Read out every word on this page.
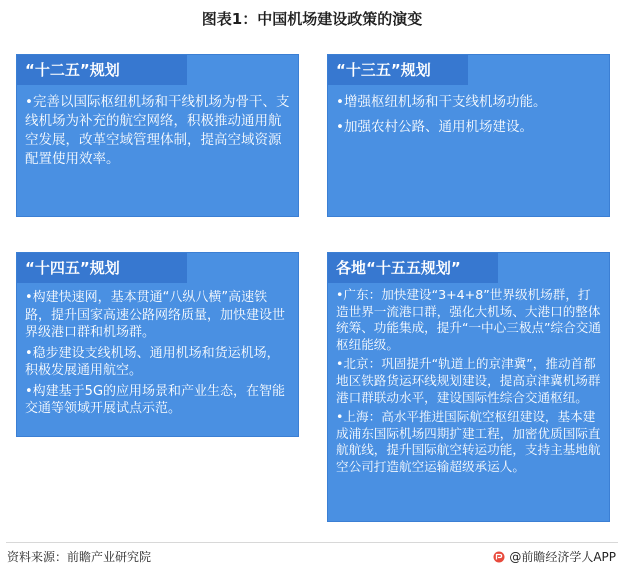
图表1：中国机场建设政策的演变
“十二五”规划

•完善以国际枢纽机场和干线机场为骨干、支线机场为补充的航空网络，积极推动通用航空发展，改革空域管理体制，提高空域资源配置使用效率。

“十三五”规划

•增强枢纽机场和干支线机场功能。

•加强农村公路、通用机场建设。

“十四五”规划

•构建快速网，基本贯通“八纵八横”高速铁路，提升国家高速公路网络质量，加快建设世界级港口群和机场群。

•稳步建设支线机场、通用机场和货运机场，积极发展通用航空。

•构建基于5G的应用场景和产业生态，在智能交通等领域开展试点示范。

各地“十五五规划”

•广东：加快建设“3+4+8”世界级机场群，打造世界一流港口群，强化大机场、大港口的整体统筹、功能集成，提升“一中心三极点”综合交通枢纽能级。

•北京：巩固提升“轨道上的京津冀”，推动首都地区铁路货运环线规划建设，提高京津冀机场群港口群联动水平，建设国际性综合交通枢纽。

•上海：高水平推进国际航空枢纽建设，基本建成浦东国际机场四期扩建工程，加密优质国际直航航线，提升国际航空转运功能，支持主基地航空公司打造航空运输超级承运人。

资料来源：前瞻产业研究院	@前瞻经济学人APP
